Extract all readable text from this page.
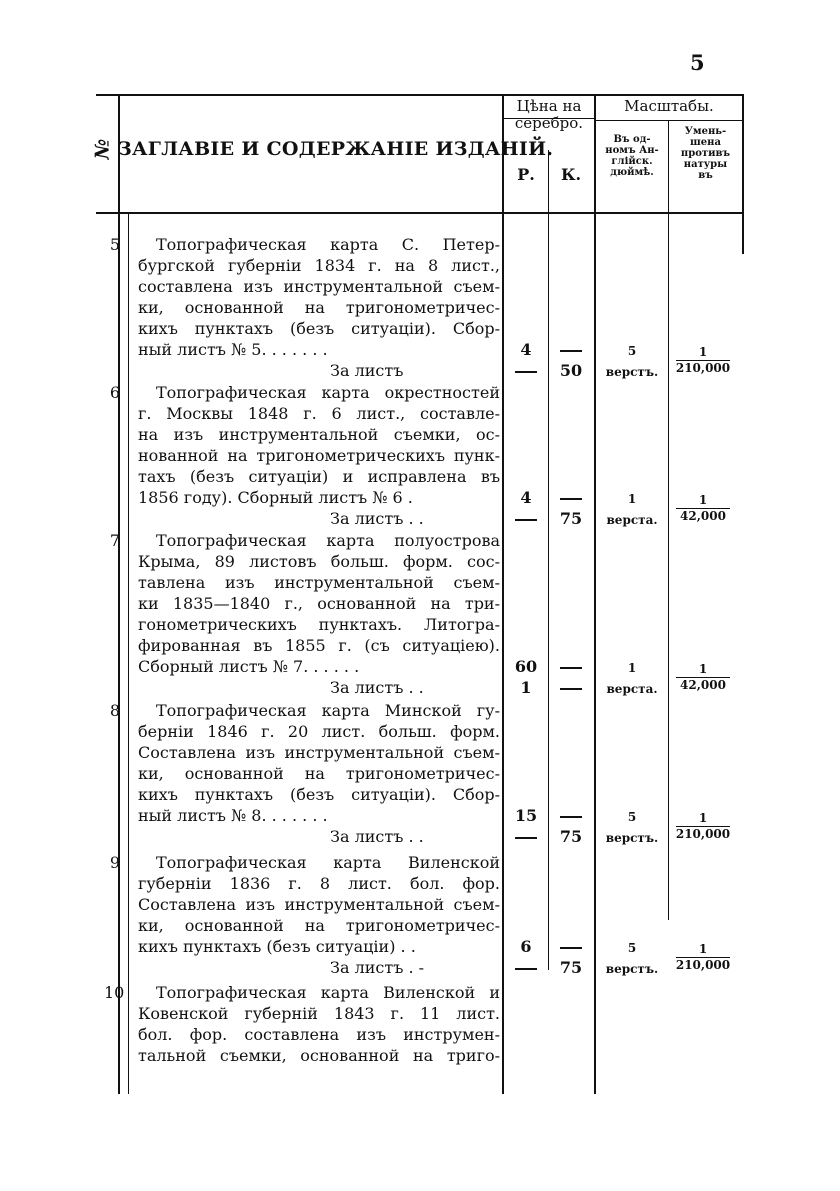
5
№ ЗАГЛАВІЕ И СОДЕРЖАНІЕ ИЗДАНІЙ.
Цѣна на
серебро.
Р.	К.
Масштабы.
Въ од-
номъ Ан-
глійск.
дюймѣ.
Умень-
шена
противъ
натуры
въ
5 Топографическая карта С. Петер-
бургской губерніи 1834 г. на 8 лист.,
составлена изъ инструментальной съем-
ки, основанной на тригонометричес-
кихъ пунктахъ (безъ ситуаціи). Сбор-
ный листъ № 5. . . . . . .
За листъ
4
50
5
верстъ.
1
210,000
6 Топографическая карта окрестностей
г. Москвы 1848 г. 6 лист., составле-
на изъ инструментальной съемки, ос-
нованной на тригонометрическихъ пунк-
тахъ (безъ ситуаціи) и исправлена въ
1856 году). Сборный листъ № 6 .
За листъ . .
4
75
1
верста.
1
42,000
7 Топографическая карта полуострова
Крыма, 89 листовъ больш. форм. сос-
тавлена изъ инструментальной съем-
ки 1835—1840 г., основанной на три-
гонометрическихъ пунктахъ. Литогра-
фированная въ 1855 г. (съ ситуаціею).
Сборный листъ № 7. . . . . .
За листъ . .
60
1
1
верста.
1
42,000
8 Топографическая карта Минской гу-
берніи 1846 г. 20 лист. больш. форм.
Составлена изъ инструментальной съем-
ки, основанной на тригонометричес-
кихъ пунктахъ (безъ ситуаціи). Сбор-
ный листъ № 8. . . . . . .
За листъ . .
15
75
5
верстъ.
1
210,000
9 Топографическая карта Виленской
губерніи 1836 г. 8 лист. бол. фор.
Составлена изъ инструментальной съем-
ки, основанной на тригонометричес-
кихъ пунктахъ (безъ ситуаціи) . .
За листъ . -
6
75
5
верстъ.
1
210,000
10 Топографическая карта Виленской и
Ковенской губерній 1843 г. 11 лист.
бол. фор. составлена изъ инструмен-
тальной съемки, основанной на триго-
